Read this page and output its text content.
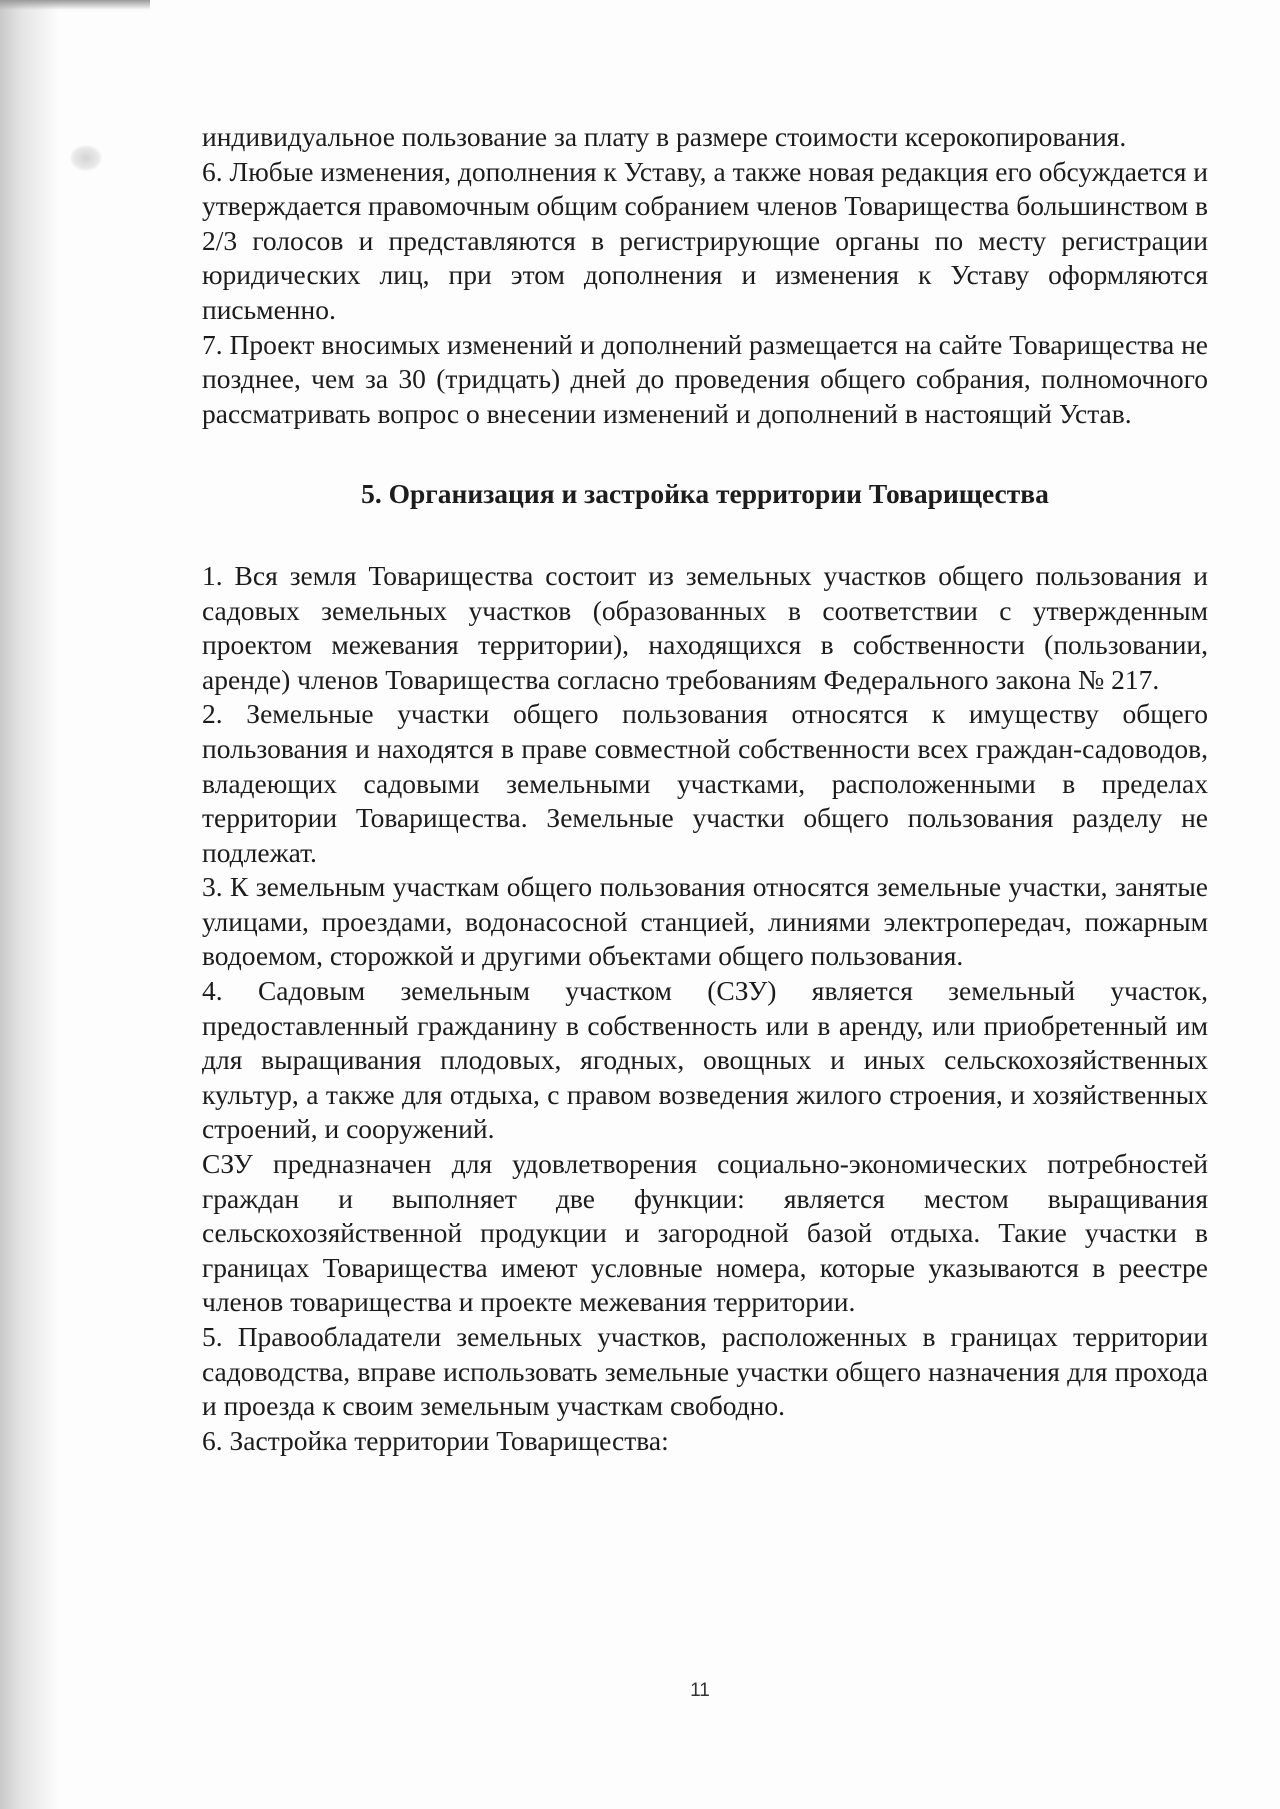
индивидуальное пользование за плату в размере стоимости ксерокопирования.

6. Любые изменения, дополнения к Уставу, а также новая редакция его обсуждается и утверждается правомочным общим собранием членов Товарищества большинством в 2/3 голосов и представляются в регистрирующие органы по месту регистрации юридических лиц, при этом дополнения и изменения к Уставу оформляются письменно.

7. Проект вносимых изменений и дополнений размещается на сайте Товарищества не позднее, чем за 30 (тридцать) дней до проведения общего собрания, полномочного рассматривать вопрос о внесении изменений и дополнений в настоящий Устав.

5. Организация и застройка территории Товарищества

1. Вся земля Товарищества состоит из земельных участков общего пользования и садовых земельных участков (образованных в соответствии с утвержденным проектом межевания территории), находящихся в собственности (пользовании, аренде) членов Товарищества согласно требованиям Федерального закона № 217.

2. Земельные участки общего пользования относятся к имуществу общего пользования и находятся в праве совместной собственности всех граждан-садоводов, владеющих садовыми земельными участками, расположенными в пределах территории Товарищества. Земельные участки общего пользования разделу не подлежат.

3. К земельным участкам общего пользования относятся земельные участки, занятые улицами, проездами, водонасосной станцией, линиями электропередач, пожарным водоемом, сторожкой и другими объектами общего пользования.

4. Садовым земельным участком (СЗУ) является земельный участок, предоставленный гражданину в собственность или в аренду, или приобретенный им для выращивания плодовых, ягодных, овощных и иных сельскохозяйственных культур, а также для отдыха, с правом возведения жилого строения, и хозяйственных строений, и сооружений.

СЗУ предназначен для удовлетворения социально-экономических потребностей граждан и выполняет две функции: является местом выращивания сельскохозяйственной продукции и загородной базой отдыха. Такие участки в границах Товарищества имеют условные номера, которые указываются в реестре членов товарищества и проекте межевания территории.

5. Правообладатели земельных участков, расположенных в границах территории садоводства, вправе использовать земельные участки общего назначения для прохода и проезда к своим земельным участкам свободно.

6. Застройка территории Товарищества:

11
